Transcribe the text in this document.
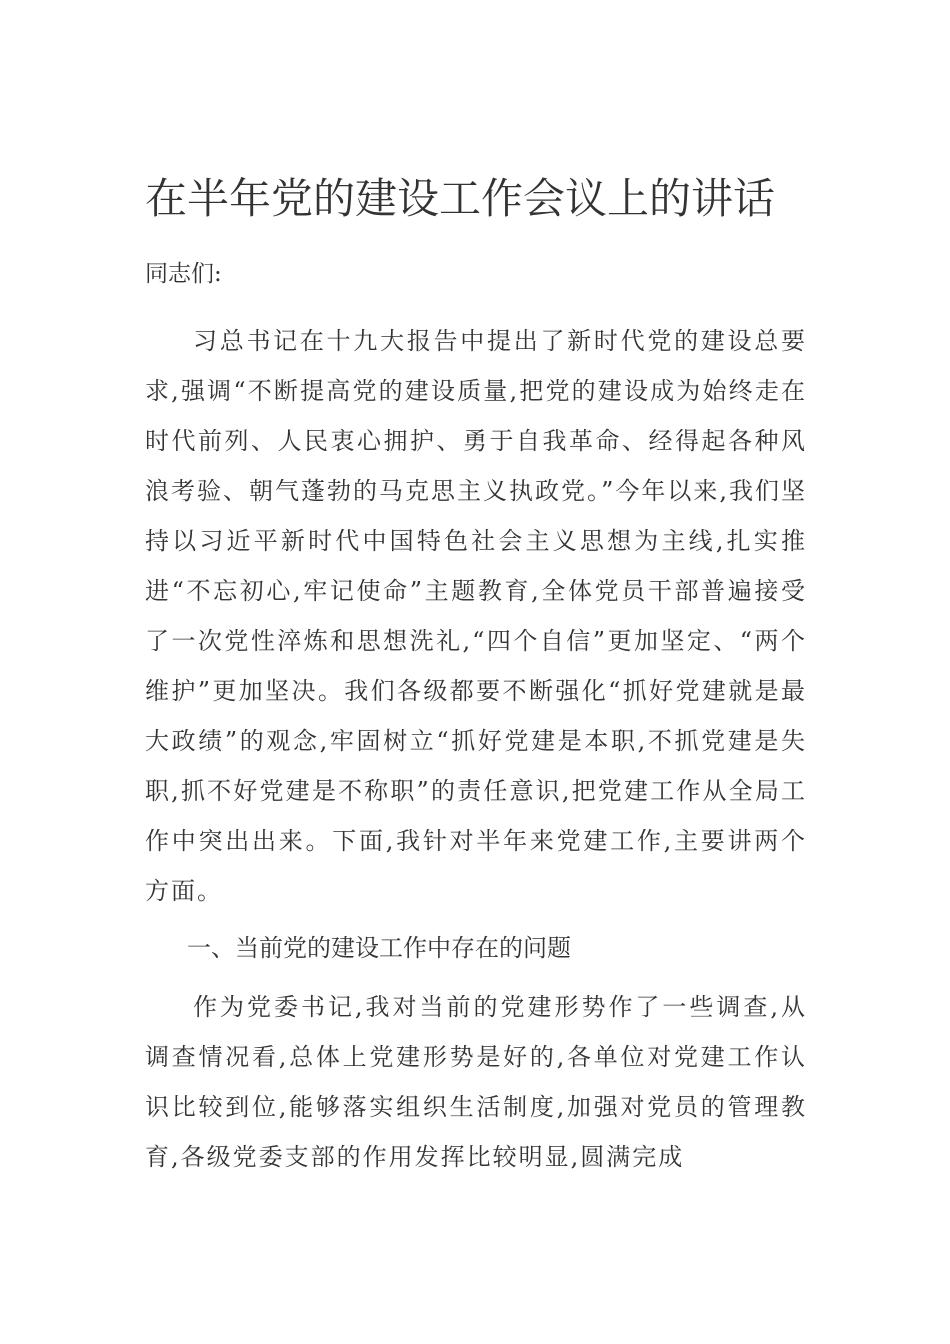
在半年党的建设工作会议上的讲话

同志们:

习总书记在十九大报告中提出了新时代党的建设总要求,强调“不断提高党的建设质量,把党的建设成为始终走在时代前列、人民衷心拥护、勇于自我革命、经得起各种风浪考验、朝气蓬勃的马克思主义执政党。”今年以来,我们坚持以习近平新时代中国特色社会主义思想为主线,扎实推进“不忘初心,牢记使命”主题教育,全体党员干部普遍接受了一次党性淬炼和思想洗礼,“四个自信”更加坚定、“两个维护”更加坚决。我们各级都要不断强化“抓好党建就是最大政绩”的观念,牢固树立“抓好党建是本职,不抓党建是失职,抓不好党建是不称职”的责任意识,把党建工作从全局工作中突出出来。下面,我针对半年来党建工作,主要讲两个方面。

一、当前党的建设工作中存在的问题

作为党委书记,我对当前的党建形势作了一些调查,从调查情况看,总体上党建形势是好的,各单位对党建工作认识比较到位,能够落实组织生活制度,加强对党员的管理教育,各级党委支部的作用发挥比较明显,圆满完成
